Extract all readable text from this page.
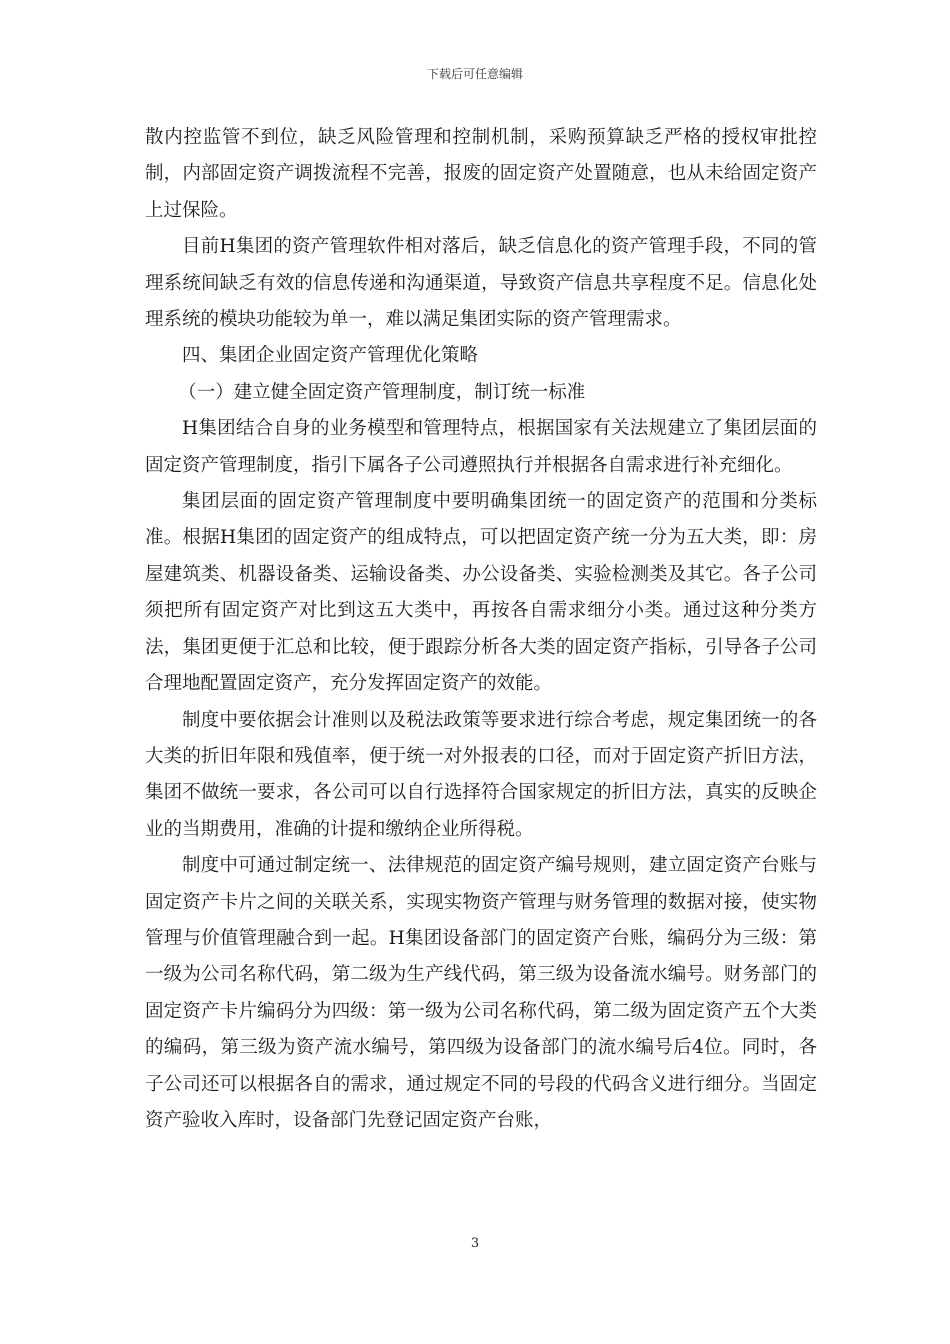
下载后可任意编辑

散内控监管不到位，缺乏风险管理和控制机制，采购预算缺乏严格的授权审批控制，内部固定资产调拨流程不完善，报废的固定资产处置随意，也从未给固定资产上过保险。

目前H集团的资产管理软件相对落后，缺乏信息化的资产管理手段，不同的管理系统间缺乏有效的信息传递和沟通渠道，导致资产信息共享程度不足。信息化处理系统的模块功能较为单一，难以满足集团实际的资产管理需求。

四、集团企业固定资产管理优化策略

（一）建立健全固定资产管理制度，制订统一标准

H集团结合自身的业务模型和管理特点，根据国家有关法规建立了集团层面的固定资产管理制度，指引下属各子公司遵照执行并根据各自需求进行补充细化。

集团层面的固定资产管理制度中要明确集团统一的固定资产的范围和分类标准。根据H集团的固定资产的组成特点，可以把固定资产统一分为五大类，即：房屋建筑类、机器设备类、运输设备类、办公设备类、实验检测类及其它。各子公司须把所有固定资产对比到这五大类中，再按各自需求细分小类。通过这种分类方法，集团更便于汇总和比较，便于跟踪分析各大类的固定资产指标，引导各子公司合理地配置固定资产，充分发挥固定资产的效能。

制度中要依据会计准则以及税法政策等要求进行综合考虑，规定集团统一的各大类的折旧年限和残值率，便于统一对外报表的口径，而对于固定资产折旧方法，集团不做统一要求，各公司可以自行选择符合国家规定的折旧方法，真实的反映企业的当期费用，准确的计提和缴纳企业所得税。

制度中可通过制定统一、法律规范的固定资产编号规则，建立固定资产台账与固定资产卡片之间的关联关系，实现实物资产管理与财务管理的数据对接，使实物管理与价值管理融合到一起。H集团设备部门的固定资产台账，编码分为三级：第一级为公司名称代码，第二级为生产线代码，第三级为设备流水编号。财务部门的固定资产卡片编码分为四级：第一级为公司名称代码，第二级为固定资产五个大类的编码，第三级为资产流水编号，第四级为设备部门的流水编号后4位。同时，各子公司还可以根据各自的需求，通过规定不同的号段的代码含义进行细分。当固定资产验收入库时，设备部门先登记固定资产台账，

3
